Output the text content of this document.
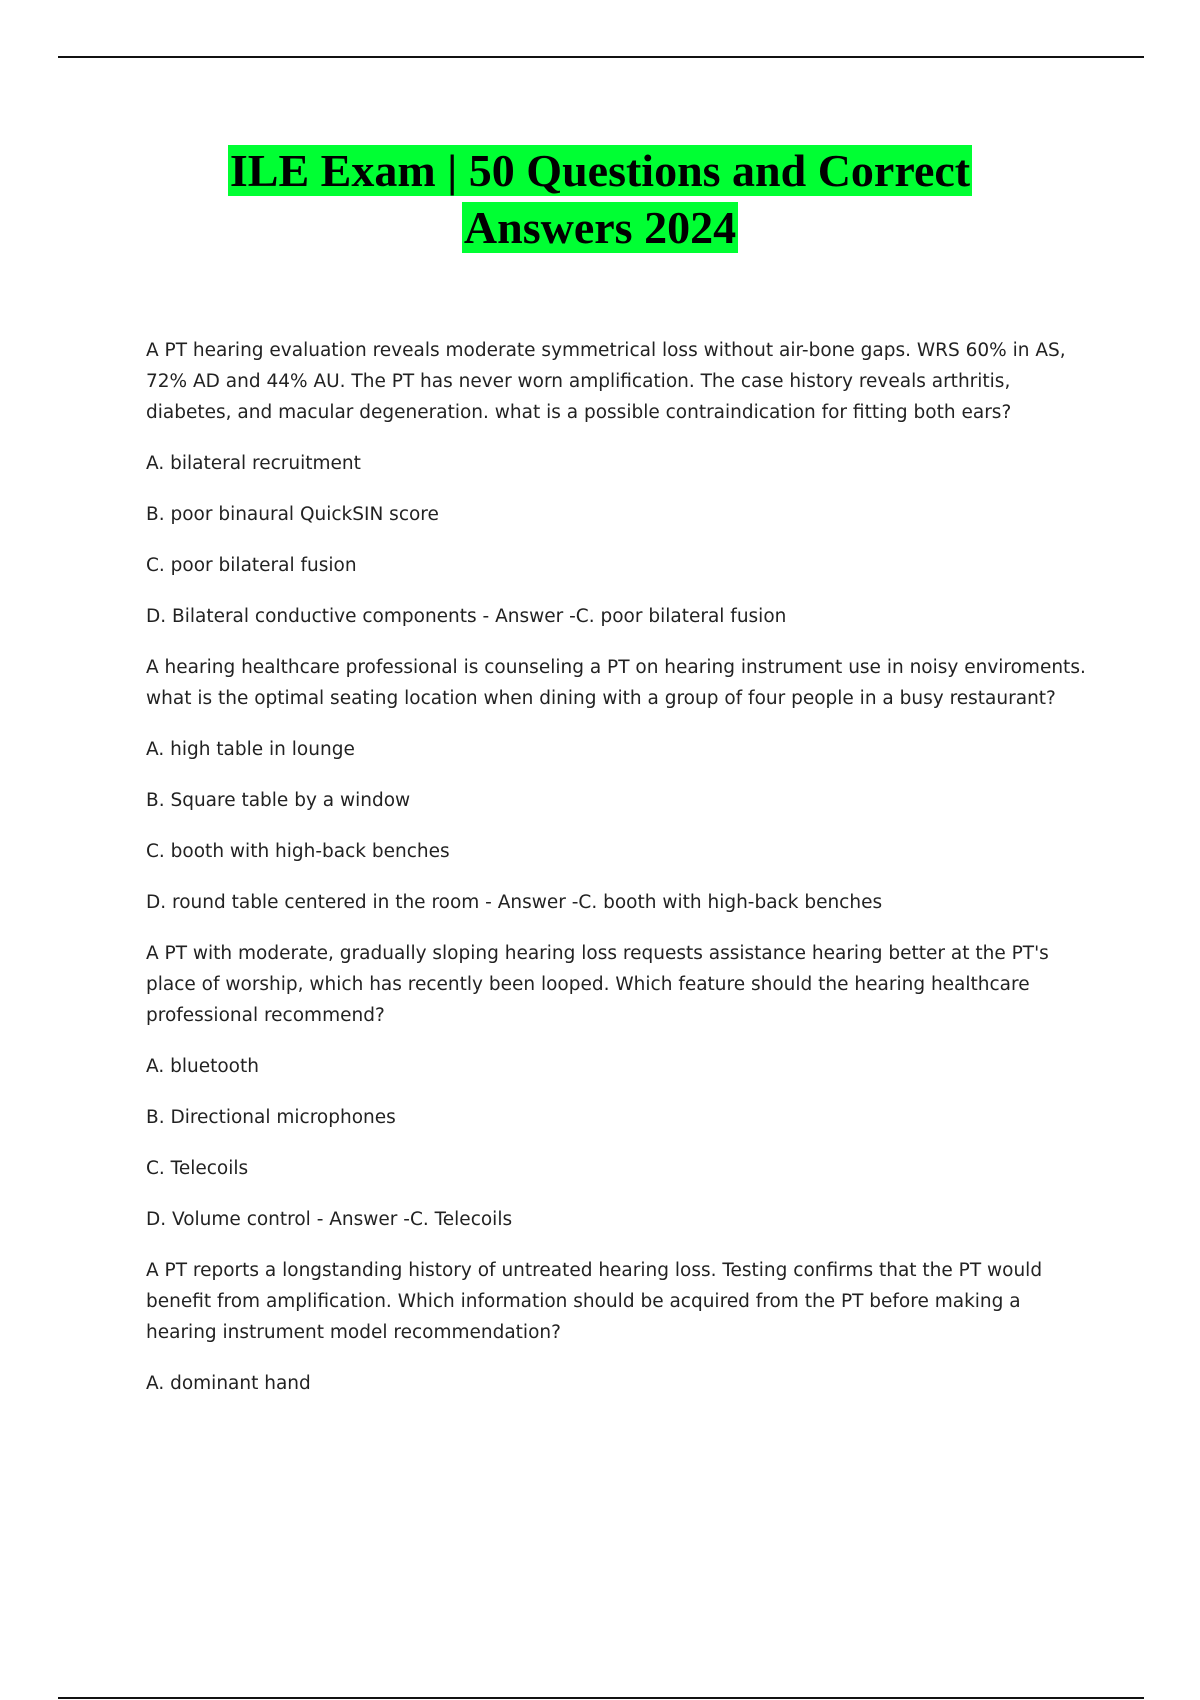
ILE Exam | 50 Questions and Correct
Answers 2024

A PT hearing evaluation reveals moderate symmetrical loss without air-bone gaps. WRS 60% in AS, 72% AD and 44% AU. The PT has never worn amplification. The case history reveals arthritis, diabetes, and macular degeneration. what is a possible contraindication for fitting both ears?

A. bilateral recruitment

B. poor binaural QuickSIN score

C. poor bilateral fusion

D. Bilateral conductive components - Answer -C. poor bilateral fusion

A hearing healthcare professional is counseling a PT on hearing instrument use in noisy enviroments. what is the optimal seating location when dining with a group of four people in a busy restaurant?

A. high table in lounge

B. Square table by a window

C. booth with high-back benches

D. round table centered in the room - Answer -C. booth with high-back benches

A PT with moderate, gradually sloping hearing loss requests assistance hearing better at the PT's place of worship, which has recently been looped. Which feature should the hearing healthcare professional recommend?

A. bluetooth

B. Directional microphones

C. Telecoils

D. Volume control - Answer -C. Telecoils

A PT reports a longstanding history of untreated hearing loss. Testing confirms that the PT would benefit from amplification. Which information should be acquired from the PT before making a hearing instrument model recommendation?

A. dominant hand
